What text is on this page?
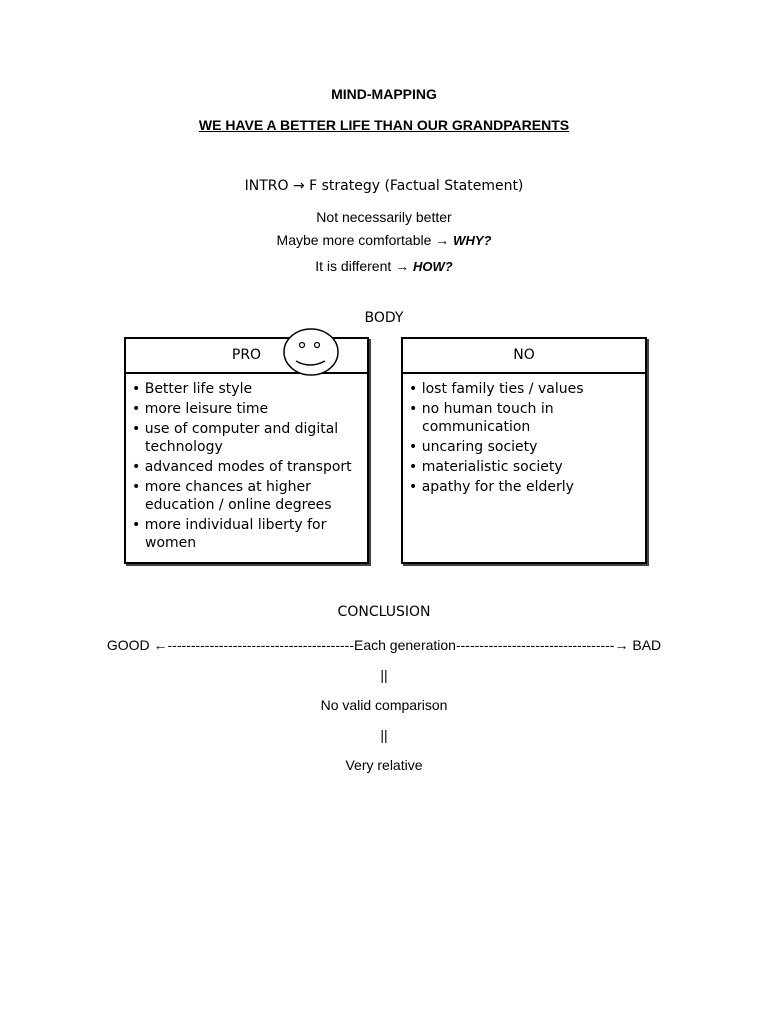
MIND-MAPPING
WE HAVE A BETTER LIFE THAN OUR GRANDPARENTS
INTRO → F strategy (Factual Statement)
Not necessarily better
Maybe more comfortable → WHY?
It is different → HOW?
BODY
PRO
• Better life style
• more leisure time
• use of computer and digital technology
• advanced modes of transport
• more chances at higher education / online degrees
• more individual liberty for women
NO
• lost family ties / values
• no human touch in communication
• uncaring society
• materialistic society
• apathy for the elderly
CONCLUSION
GOOD ←----------------------------------------Each generation----------------------------------→ BAD
||
No valid comparison
||
Very relative
